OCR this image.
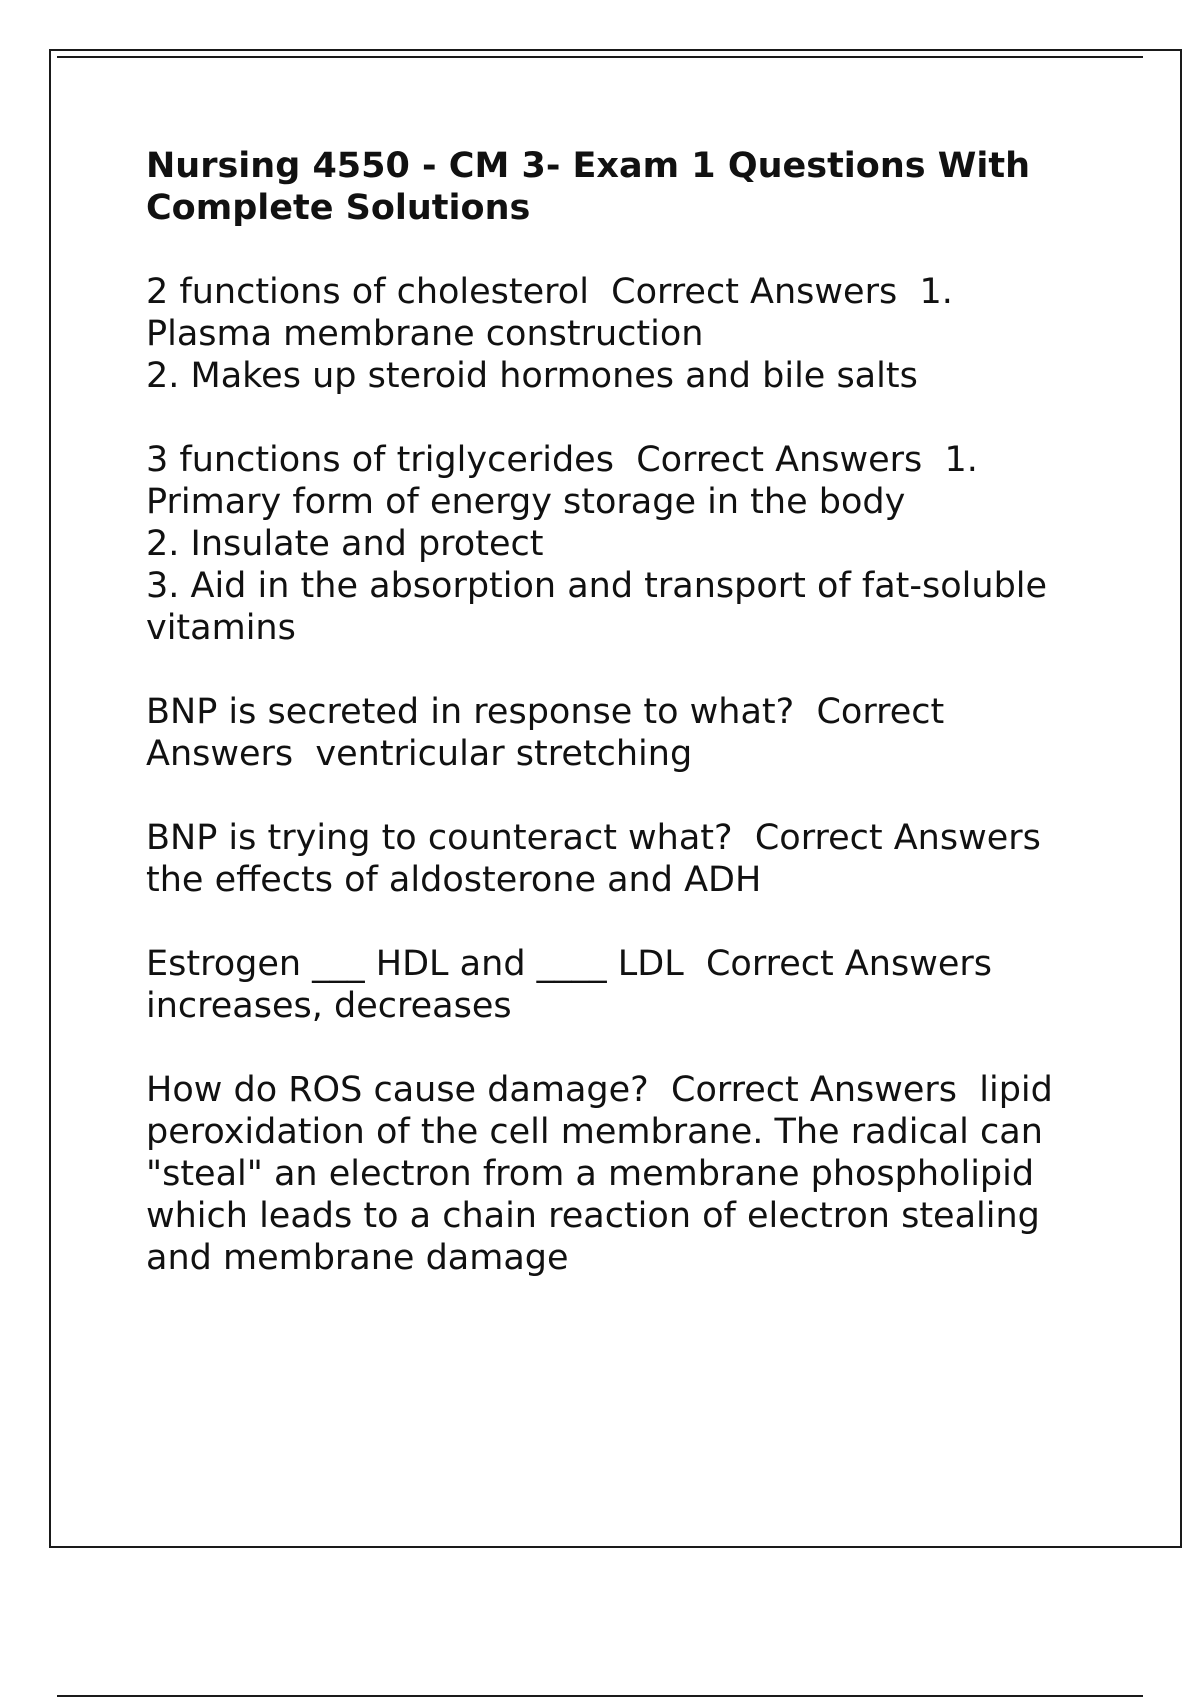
Nursing 4550 - CM 3- Exam 1 Questions With
Complete Solutions
2 functions of cholesterol  Correct Answers  1.
Plasma membrane construction
2. Makes up steroid hormones and bile salts
3 functions of triglycerides  Correct Answers  1.
Primary form of energy storage in the body
2. Insulate and protect
3. Aid in the absorption and transport of fat-soluble
vitamins
BNP is secreted in response to what?  Correct
Answers  ventricular stretching
BNP is trying to counteract what?  Correct Answers
the effects of aldosterone and ADH
Estrogen ___ HDL and ____ LDL  Correct Answers
increases, decreases
How do ROS cause damage?  Correct Answers  lipid
peroxidation of the cell membrane. The radical can
"steal" an electron from a membrane phospholipid
which leads to a chain reaction of electron stealing
and membrane damage
